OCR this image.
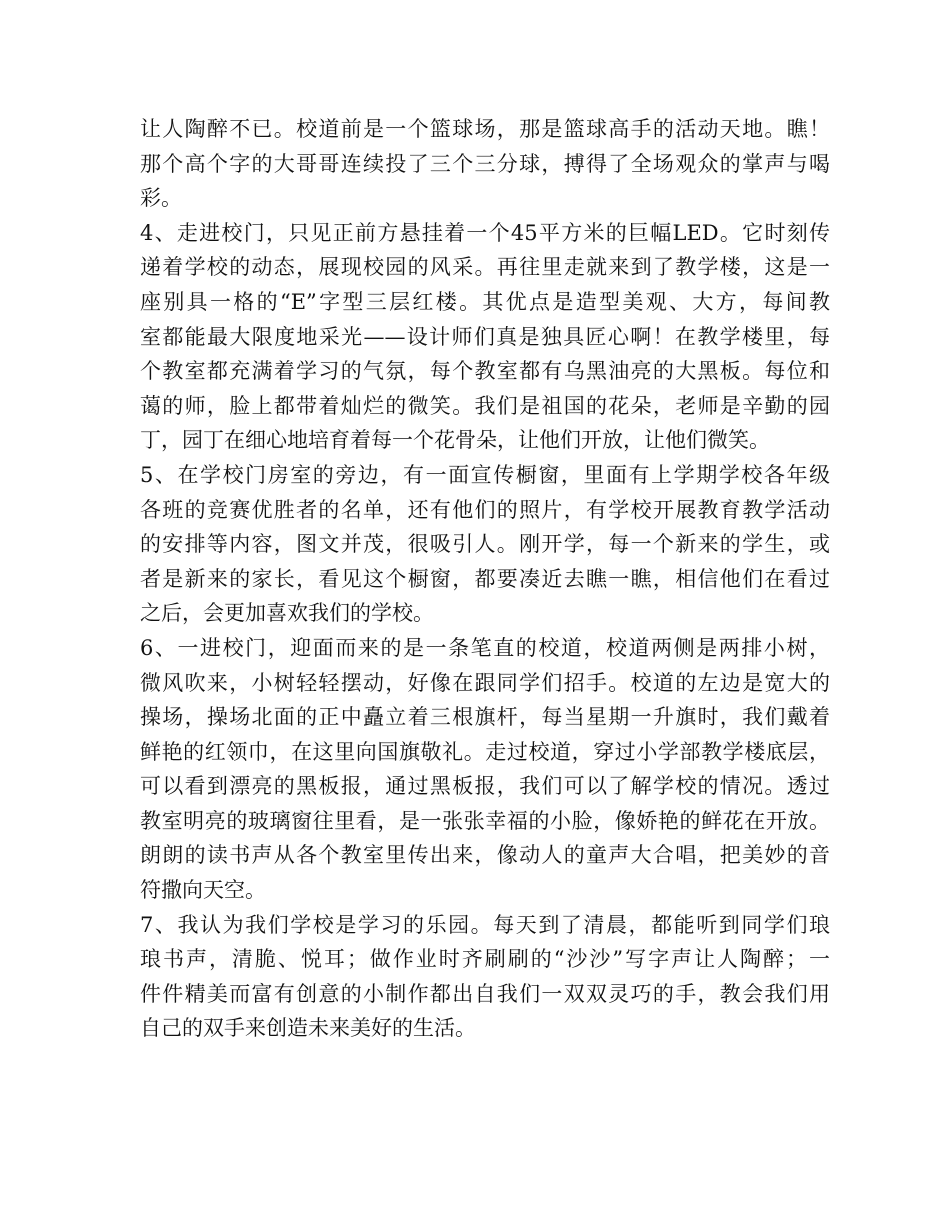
让人陶醉不已。校道前是一个篮球场，那是篮球高手的活动天地。瞧！
那个高个字的大哥哥连续投了三个三分球，搏得了全场观众的掌声与喝
彩。
4、走进校门，只见正前方悬挂着一个45平方米的巨幅LED。它时刻传
递着学校的动态，展现校园的风采。再往里走就来到了教学楼，这是一
座别具一格的“E”字型三层红楼。其优点是造型美观、大方，每间教
室都能最大限度地采光——设计师们真是独具匠心啊！在教学楼里，每
个教室都充满着学习的气氛，每个教室都有乌黑油亮的大黑板。每位和
蔼的师，脸上都带着灿烂的微笑。我们是祖国的花朵，老师是辛勤的园
丁，园丁在细心地培育着每一个花骨朵，让他们开放，让他们微笑。
5、在学校门房室的旁边，有一面宣传橱窗，里面有上学期学校各年级
各班的竞赛优胜者的名单，还有他们的照片，有学校开展教育教学活动
的安排等内容，图文并茂，很吸引人。刚开学，每一个新来的学生，或
者是新来的家长，看见这个橱窗，都要凑近去瞧一瞧，相信他们在看过
之后，会更加喜欢我们的学校。
6、一进校门，迎面而来的是一条笔直的校道，校道两侧是两排小树，
微风吹来，小树轻轻摆动，好像在跟同学们招手。校道的左边是宽大的
操场，操场北面的正中矗立着三根旗杆，每当星期一升旗时，我们戴着
鲜艳的红领巾，在这里向国旗敬礼。走过校道，穿过小学部教学楼底层，
可以看到漂亮的黑板报，通过黑板报，我们可以了解学校的情况。透过
教室明亮的玻璃窗往里看，是一张张幸福的小脸，像娇艳的鲜花在开放。
朗朗的读书声从各个教室里传出来，像动人的童声大合唱，把美妙的音
符撒向天空。
7、我认为我们学校是学习的乐园。每天到了清晨，都能听到同学们琅
琅书声，清脆、悦耳；做作业时齐刷刷的“沙沙”写字声让人陶醉；一
件件精美而富有创意的小制作都出自我们一双双灵巧的手，教会我们用
自己的双手来创造未来美好的生活。
